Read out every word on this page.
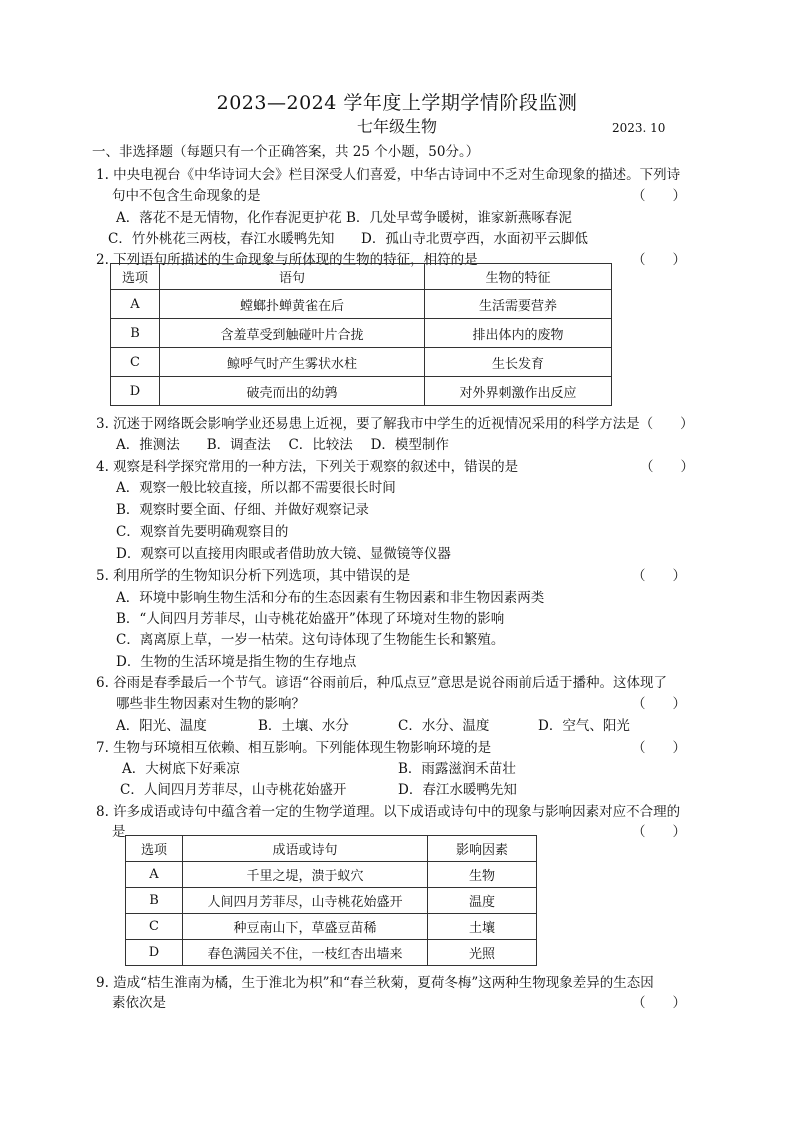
2023—2024 学年度上学期学情阶段监测
七年级生物	2023. 10
一、非选择题（每题只有一个正确答案，共 25 个小题，50分。）
1. 中央电视台《中华诗词大会》栏目深受人们喜爱，中华古诗词中不乏对生命现象的描述。下列诗
句中不包含生命现象的是	（　　）
A．落花不是无情物，化作春泥更护花 B．几处早莺争暖树，谁家新燕啄春泥
C．竹外桃花三两枝，春江水暖鸭先知 D．孤山寺北贾亭西，水面初平云脚低
2. 下列语句所描述的生命现象与所体现的生物的特征，相符的是	（　　）
选项	语句	生物的特征
A	螳螂扑蝉黄雀在后	生活需要营养
B	含羞草受到触碰叶片合拢	排出体内的废物
C	鲸呼气时产生雾状水柱	生长发育
D	破壳而出的幼鹑	对外界刺激作出反应
3. 沉迷于网络既会影响学业还易患上近视，要了解我市中学生的近视情况采用的科学方法是（　　）
A．推测法　　B．调查法　 C．比较法　 D．模型制作
4. 观察是科学探究常用的一种方法，下列关于观察的叙述中，错误的是	（　　）
A．观察一般比较直接，所以都不需要很长时间
B．观察时要全面、仔细、并做好观察记录
C．观察首先要明确观察目的
D．观察可以直接用肉眼或者借助放大镜、显微镜等仪器
5. 利用所学的生物知识分析下列选项，其中错误的是	（　　）
A．环境中影响生物生活和分布的生态因素有生物因素和非生物因素两类
B．“人间四月芳菲尽，山寺桃花始盛开”体现了环境对生物的影响
C．离离原上草，一岁一枯荣。这句诗体现了生物能生长和繁殖。
D．生物的生活环境是指生物的生存地点
6. 谷雨是春季最后一个节气。谚语“谷雨前后，种瓜点豆”意思是说谷雨前后适于播种。这体现了
哪些非生物因素对生物的影响？	（　　）
A．阳光、温度	B．土壤、水分	C．水分、温度	D．空气、阳光
7. 生物与环境相互依赖、相互影响。下列能体现生物影响环境的是	（　　）
A．大树底下好乘凉	B．雨露滋润禾苗壮
C．人间四月芳菲尽，山寺桃花始盛开	D．春江水暖鸭先知
8. 许多成语或诗句中蕴含着一定的生物学道理。以下成语或诗句中的现象与影响因素对应不合理的
是	（　　）
选项	成语或诗句	影响因素
A	千里之堤，溃于蚁穴	生物
B	人间四月芳菲尽，山寺桃花始盛开	温度
C	种豆南山下，草盛豆苗稀	土壤
D	春色满园关不住，一枝红杏出墙来	光照
9. 造成“桔生淮南为橘，生于淮北为枳”和“春兰秋菊，夏荷冬梅”这两种生物现象差异的生态因
素依次是	（　　）
